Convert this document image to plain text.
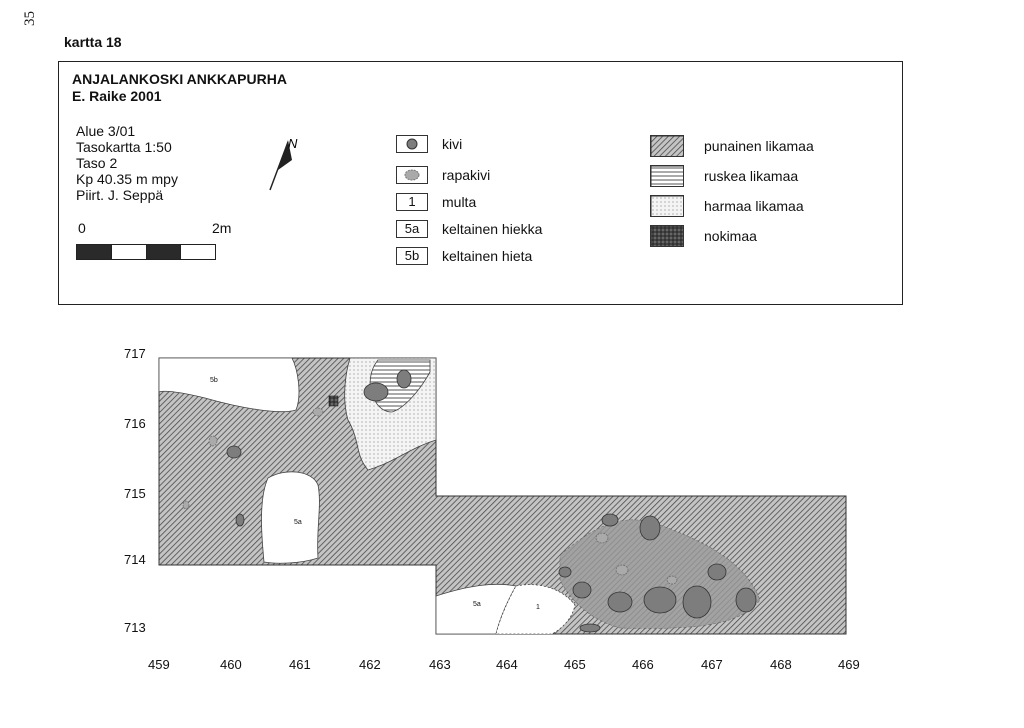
35
kartta 18
ANJALANKOSKI ANKKAPURHA
E. Raike 2001
Alue 3/01
Tasokartta 1:50
Taso 2
Kp 40.35 m mpy
Piirt. J. Seppä
0	2m
N	kivi
rapakivi
1	multa
5a	keltainen hiekka
5b	keltainen hieta
punainen likamaa
ruskea likamaa
harmaa likamaa
nokimaa
717
716
715
714
713
459	460	461	462	463	464	465	466	467	468	469
5b
5a
5a	1
